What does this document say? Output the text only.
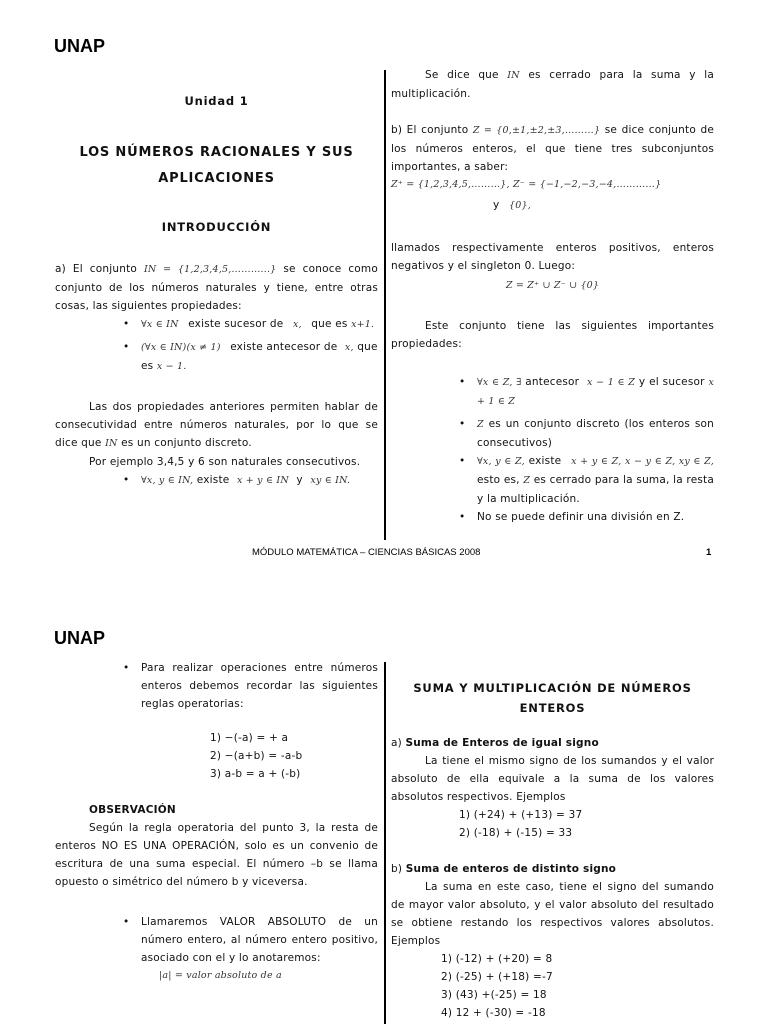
UNAP
Unidad 1
LOS NÚMEROS RACIONALES Y SUS APLICACIONES
INTRODUCCIÓN
a) El conjunto IN = {1,2,3,4,5,………...} se conoce como conjunto de los números naturales y tiene, entre otras cosas, las siguientes propiedades:
• ∀x ∈ IN existe sucesor de x, que es x+1.
• (∀x ∈ IN)(x ≠ 1) existe antecesor de x, que es x − 1.
Las dos propiedades anteriores permiten hablar de consecutividad entre números naturales, por lo que se dice que IN es un conjunto discreto.
Por ejemplo 3,4,5 y 6 son naturales consecutivos.
• ∀x, y ∈ IN, existe x + y ∈ IN y xy ∈ IN.
Se dice que IN es cerrado para la suma y la multiplicación.
b) El conjunto Z = {0,±1,±2,±3,………} se dice conjunto de los números enteros, el que tiene tres subconjuntos importantes, a saber:
Z⁺ = {1,2,3,4,5,………}, Z⁻ = {−1,−2,−3,−4,…………}
y {0},
llamados respectivamente enteros positivos, enteros negativos y el singleton 0. Luego:
Z = Z⁺ ∪ Z⁻ ∪ {0}
Este conjunto tiene las siguientes importantes propiedades:
• ∀x ∈ Z, ∃ antecesor x − 1 ∈ Z y el sucesor x + 1 ∈ Z
• Z es un conjunto discreto (los enteros son consecutivos)
• ∀x, y ∈ Z, existe x + y ∈ Z, x − y ∈ Z, xy ∈ Z, esto es, Z es cerrado para la suma, la resta y la multiplicación.
• No se puede definir una división en Z.
MÓDULO MATEMÁTICA – CIENCIAS BÁSICAS 2008	1
UNAP
• Para realizar operaciones entre números enteros debemos recordar las siguientes reglas operatorias:
1) −(-a) = + a
2) −(a+b) = -a-b
3) a-b = a + (-b)
OBSERVACIÓN
Según la regla operatoria del punto 3, la resta de enteros NO ES UNA OPERACIÓN, solo es un convenio de escritura de una suma especial. El número –b se llama opuesto o simétrico del número b y viceversa.
• Llamaremos VALOR ABSOLUTO de un número entero, al número entero positivo, asociado con el y lo anotaremos:
|a| = valor absoluto de a
SUMA Y MULTIPLICACIÓN DE NÚMEROS ENTEROS
a) Suma de Enteros de igual signo
La tiene el mismo signo de los sumandos y el valor absoluto de ella equivale a la suma de los valores absolutos respectivos. Ejemplos
1) (+24) + (+13) = 37
2) (-18) + (-15) = 33
b) Suma de enteros de distinto signo
La suma en este caso, tiene el signo del sumando de mayor valor absoluto, y el valor absoluto del resultado se obtiene restando los respectivos valores absolutos. Ejemplos
1) (-12) + (+20) = 8
2) (-25) + (+18) =-7
3) (43) +(-25) = 18
4) 12 + (-30) = -18
